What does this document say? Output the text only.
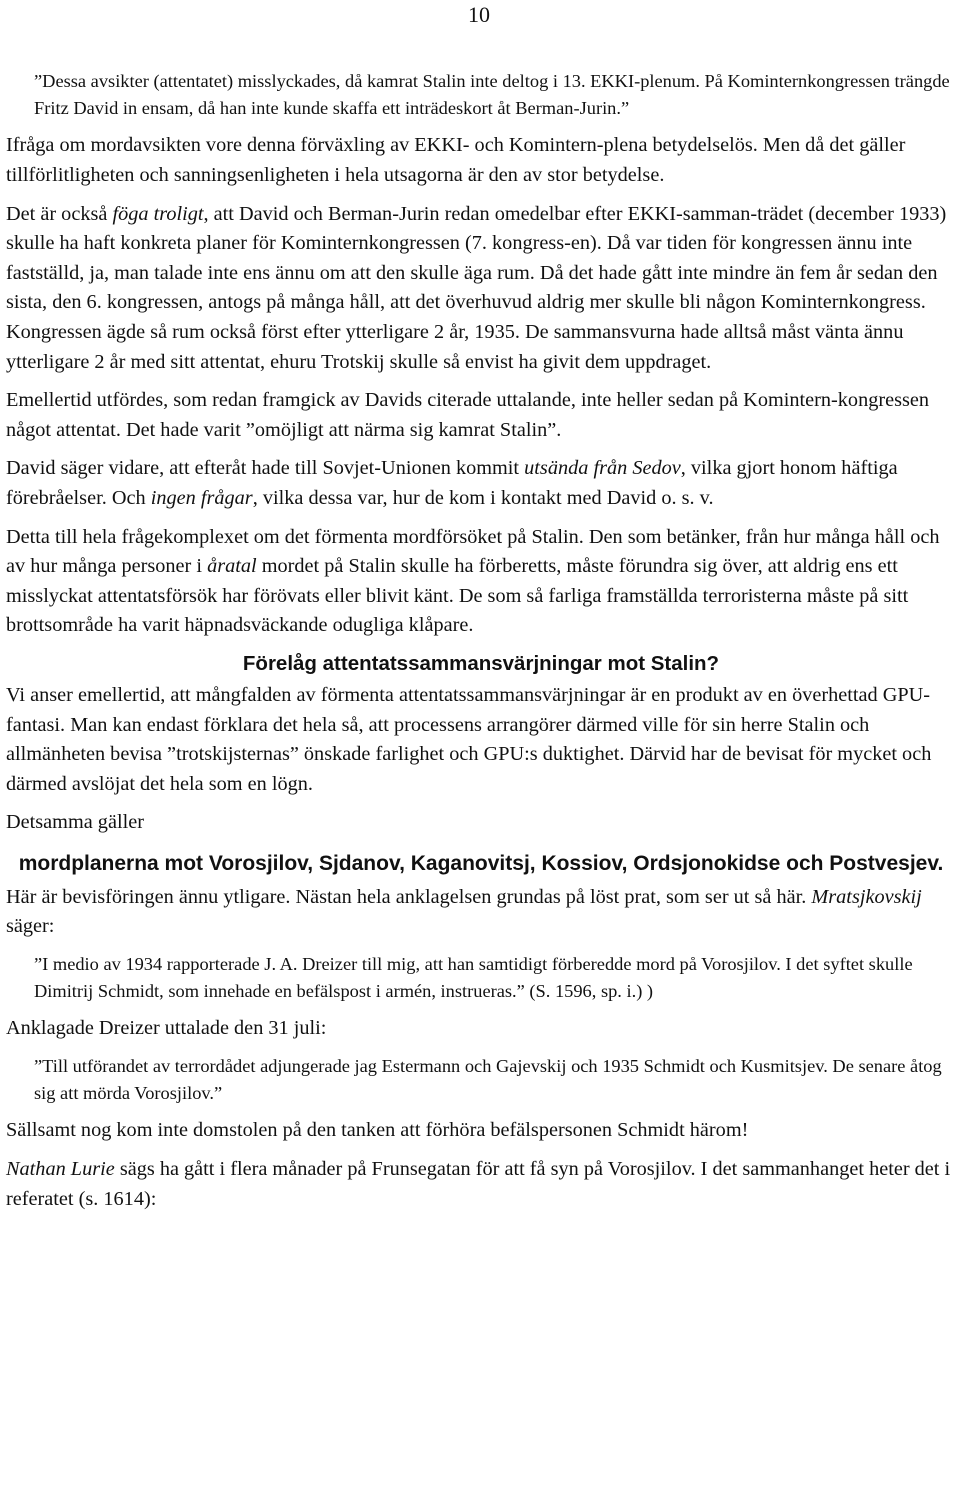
10

”Dessa avsikter (attentatet) misslyckades, då kamrat Stalin inte deltog i 13. EKKI-plenum. På Kominternkongressen trängde Fritz David in ensam, då han inte kunde skaffa ett inträdeskort åt Berman-Jurin.”

Ifråga om mordavsikten vore denna förväxling av EKKI- och Komintern-plena betydelselös. Men då det gäller tillförlitligheten och sanningsenligheten i hela utsagorna är den av stor betydelse.

Det är också föga troligt, att David och Berman-Jurin redan omedelbar efter EKKI-samman-trädet (december 1933) skulle ha haft konkreta planer för Kominternkongressen (7. kongress-en). Då var tiden för kongressen ännu inte fastställd, ja, man talade inte ens ännu om att den skulle äga rum. Då det hade gått inte mindre än fem år sedan den sista, den 6. kongressen, antogs på många håll, att det överhuvud aldrig mer skulle bli någon Kominternkongress. Kongressen ägde så rum också först efter ytterligare 2 år, 1935. De sammansvurna hade alltså måst vänta ännu ytterligare 2 år med sitt attentat, ehuru Trotskij skulle så envist ha givit dem uppdraget.

Emellertid utfördes, som redan framgick av Davids citerade uttalande, inte heller sedan på Komintern-kongressen något attentat. Det hade varit ”omöjligt att närma sig kamrat Stalin”.

David säger vidare, att efteråt hade till Sovjet-Unionen kommit utsända från Sedov, vilka gjort honom häftiga förebråelser. Och ingen frågar, vilka dessa var, hur de kom i kontakt med David o. s. v.

Detta till hela frågekomplexet om det förmenta mordförsöket på Stalin. Den som betänker, från hur många håll och av hur många personer i åratal mordet på Stalin skulle ha förberetts, måste förundra sig över, att aldrig ens ett misslyckat attentatsförsök har förövats eller blivit känt. De som så farliga framställda terroristerna måste på sitt brottsområde ha varit häpnadsväckande odugliga klåpare.

Förelåg attentatssammansvärjningar mot Stalin?

Vi anser emellertid, att mångfalden av förmenta attentatssammansvärjningar är en produkt av en överhettad GPU-fantasi. Man kan endast förklara det hela så, att processens arrangörer därmed ville för sin herre Stalin och allmänheten bevisa ”trotskijsternas” önskade farlighet och GPU:s duktighet. Därvid har de bevisat för mycket och därmed avslöjat det hela som en lögn.

Detsamma gäller

mordplanerna mot Vorosjilov, Sjdanov, Kaganovitsj, Kossiov, Ordsjonokidse och Postvesjev.

Här är bevisföringen ännu ytligare. Nästan hela anklagelsen grundas på löst prat, som ser ut så här. Mratsjkovskij säger:

”I medio av 1934 rapporterade J. A. Dreizer till mig, att han samtidigt förberedde mord på Vorosjilov. I det syftet skulle Dimitrij Schmidt, som innehade en befälspost i armén, instrueras.” (S. 1596, sp. i.) )

Anklagade Dreizer uttalade den 31 juli:

”Till utförandet av terrordådet adjungerade jag Estermann och Gajevskij och 1935 Schmidt och Kusmitsjev. De senare åtog sig att mörda Vorosjilov.”

Sällsamt nog kom inte domstolen på den tanken att förhöra befälspersonen Schmidt härom!

Nathan Lurie sägs ha gått i flera månader på Frunsegatan för att få syn på Vorosjilov. I det sammanhanget heter det i referatet (s. 1614):
